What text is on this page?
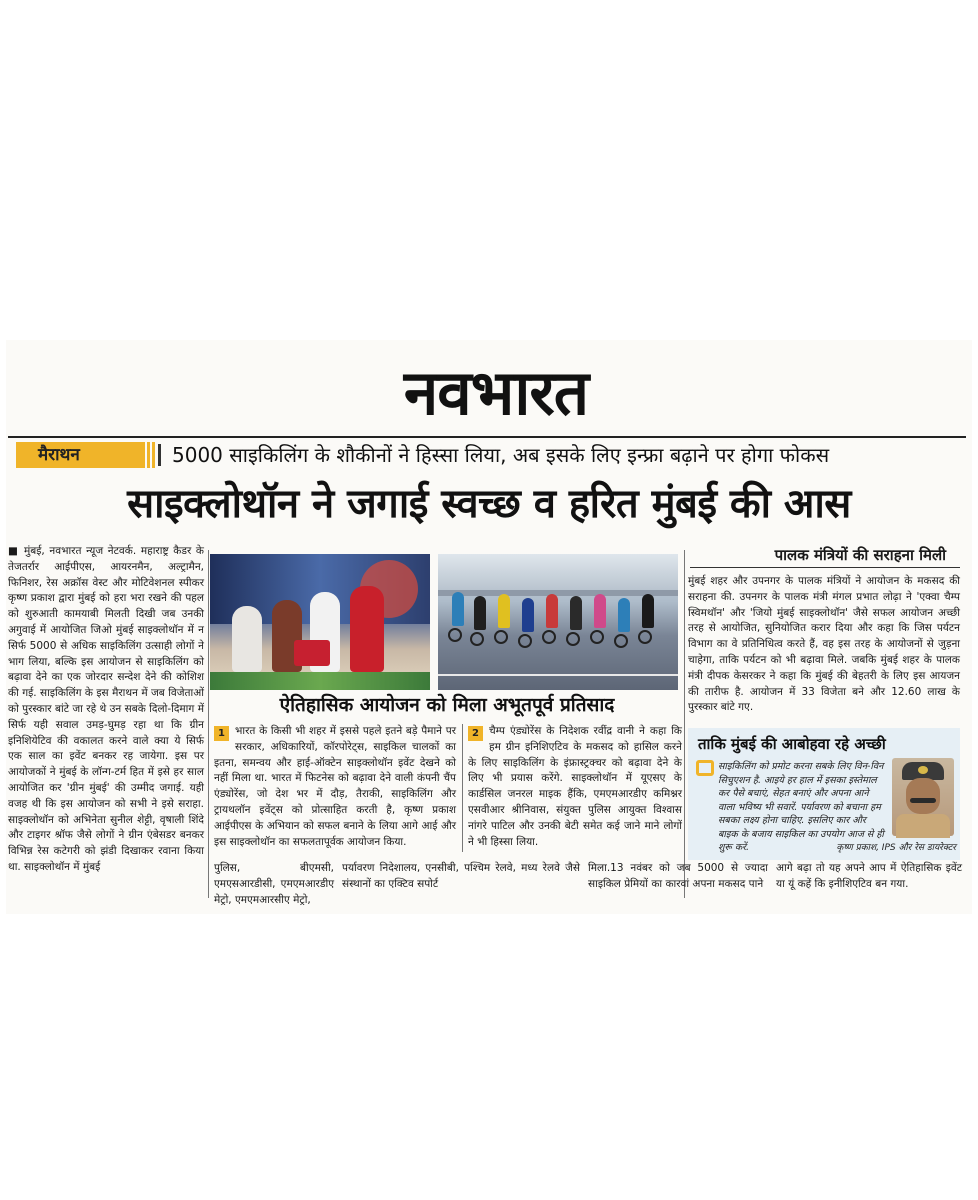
नवभारत
मैराथन	5000 साइकिलिंग के शौकीनों ने हिस्सा लिया, अब इसके लिए इन्फ्रा बढ़ाने पर होगा फोकस
साइक्लोथॉन ने जगाई स्वच्छ व हरित मुंबई की आस
■ मुंबई, नवभारत न्यूज नेटवर्क. महाराष्ट्र कैडर के तेजतर्रार आईपीएस, आयरनमैन, अल्ट्रामैन, फिनिशर, रेस अक्रॉस वेस्ट और मोटिवेशनल स्पीकर कृष्ण प्रकाश द्वारा मुंबई को हरा भरा रखने की पहल को शुरुआती कामयाबी मिलती दिखी जब उनकी अगुवाई में आयोजित जिओ मुंबई साइक्लोथॉन में न सिर्फ 5000 से अधिक साइकिलिंग उत्साही लोगों ने भाग लिया, बल्कि इस आयोजन से साइकिलिंग को बढ़ावा देने का एक जोरदार सन्देश देने की कोशिश की गई. साइकिलिंग के इस मैराथन में जब विजेताओं को पुरस्कार बांटे जा रहे थे उन सबके दिलो-दिमाग में सिर्फ यही सवाल उमड़-घुमड़ रहा था कि ग्रीन इनिशियेटिव की वकालत करने वाले क्या ये सिर्फ एक साल का इवेंट बनकर रह जायेगा. इस पर आयोजकों ने मुंबई के लॉन्ग-टर्म हित में इसे हर साल आयोजित कर 'ग्रीन मुंबई' की उम्मीद जगाई. यही वजह थी कि इस आयोजन को सभी ने इसे सराहा. साइक्लोथॉन को अभिनेता सुनील शेट्टी, वृषाली शिंदे और टाइगर श्रॉफ जैसे लोगों ने ग्रीन एंबेसडर बनकर विभिन्न रेस कटेगरी को झंडी दिखाकर रवाना किया था. साइक्लोथॉन में मुंबई
ऐतिहासिक आयोजन को मिला अभूतपूर्व प्रतिसाद
1 भारत के किसी भी शहर में इससे पहले इतने बड़े पैमाने पर सरकार, अधिकारियों, कॉरपोरेट्स, साइकिल चालकों का इतना, समन्वय और हाई-ऑक्टेन साइक्लोथॉन इवेंट देखने को नहीं मिला था. भारत में फिटनेस को बढ़ावा देने वाली कंपनी चैंप एंड्योरेंस, जो देश भर में दौड़, तैराकी, साइकिलिंग और ट्रायथलॉन इवेंट्स को प्रोत्साहित करती है, कृष्ण प्रकाश आईपीएस के अभियान को सफल बनाने के लिया आगे आई और इस साइक्लोथॉन का सफलतापूर्वक आयोजन किया.
2 चैम्प एंड्योरेंस के निदेशक रवींद्र वानी ने कहा कि हम ग्रीन इनिशिएटिव के मकसद को हासिल करने के लिए साइकिलिंग के इंफ्रास्ट्रक्चर को बढ़ावा देने के लिए भी प्रयास करेंगे. साइक्लोथॉन में यूएसए के कार्डसिल जनरल माइक हैंकि, एमएमआरडीए कमिश्नर एसवीआर श्रीनिवास, संयुक्त पुलिस आयुक्त विश्वास नांगरे पाटिल और उनकी बेटी समेत कई जाने माने लोगों ने भी हिस्सा लिया.
पुलिस, बीएमसी, एमएसआरडीसी, एमएमआरडीए मेट्रो, एमएमआरसीए मेट्रो,
पर्यावरण निदेशालय, एनसीबी, पश्चिम रेलवे, मध्य रेलवे जैसे संस्थानों का एक्टिव सपोर्ट
मिला.13 नवंबर को जब 5000 से ज्यादा साइकिल प्रेमियों का कारवां अपना मकसद पाने
आगे बढ़ा तो यह अपने आप में ऐतिहासिक इवेंट या यूं कहें कि इनीशिएटिव बन गया.
पालक मंत्रियों की सराहना मिली
मुंबई शहर और उपनगर के पालक मंत्रियों ने आयोजन के मकसद की सराहना की. उपनगर के पालक मंत्री मंगल प्रभात लोढ़ा ने 'एक्वा चैम्प स्विमथॉन' और 'जियो मुंबई साइक्लोथॉन' जैसे सफल आयोजन अच्छी तरह से आयोजित, सुनियोजित करार दिया और कहा कि जिस पर्यटन विभाग का वे प्रतिनिधित्व करते हैं, वह इस तरह के आयोजनों से जुड़ना चाहेगा, ताकि पर्यटन को भी बढ़ावा मिले. जबकि मुंबई शहर के पालक मंत्री दीपक केसरकर ने कहा कि मुंबई की बेहतरी के लिए इस आयजन की तारीफ है. आयोजन में 33 विजेता बने और 12.60 लाख के पुरस्कार बांटे गए.
ताकि मुंबई की आबोहवा रहे अच्छी
साइकिलिंग को प्रमोट करना सबके लिए विन-विन सिचुएशन है. आइये हर हाल में इसका इस्तेमाल कर पैसे बचाएं, सेहत बनाएं और अपना आने वाला भविष्य भी सवारें. पर्यावरण को बचाना हम सबका लक्ष्य होना चाहिए. इसलिए कार और बाइक के बजाय साइकिल का उपयोग आज से ही शुरू करें.	कृष्ण प्रकाश, IPS और रेस डायरेक्टर
